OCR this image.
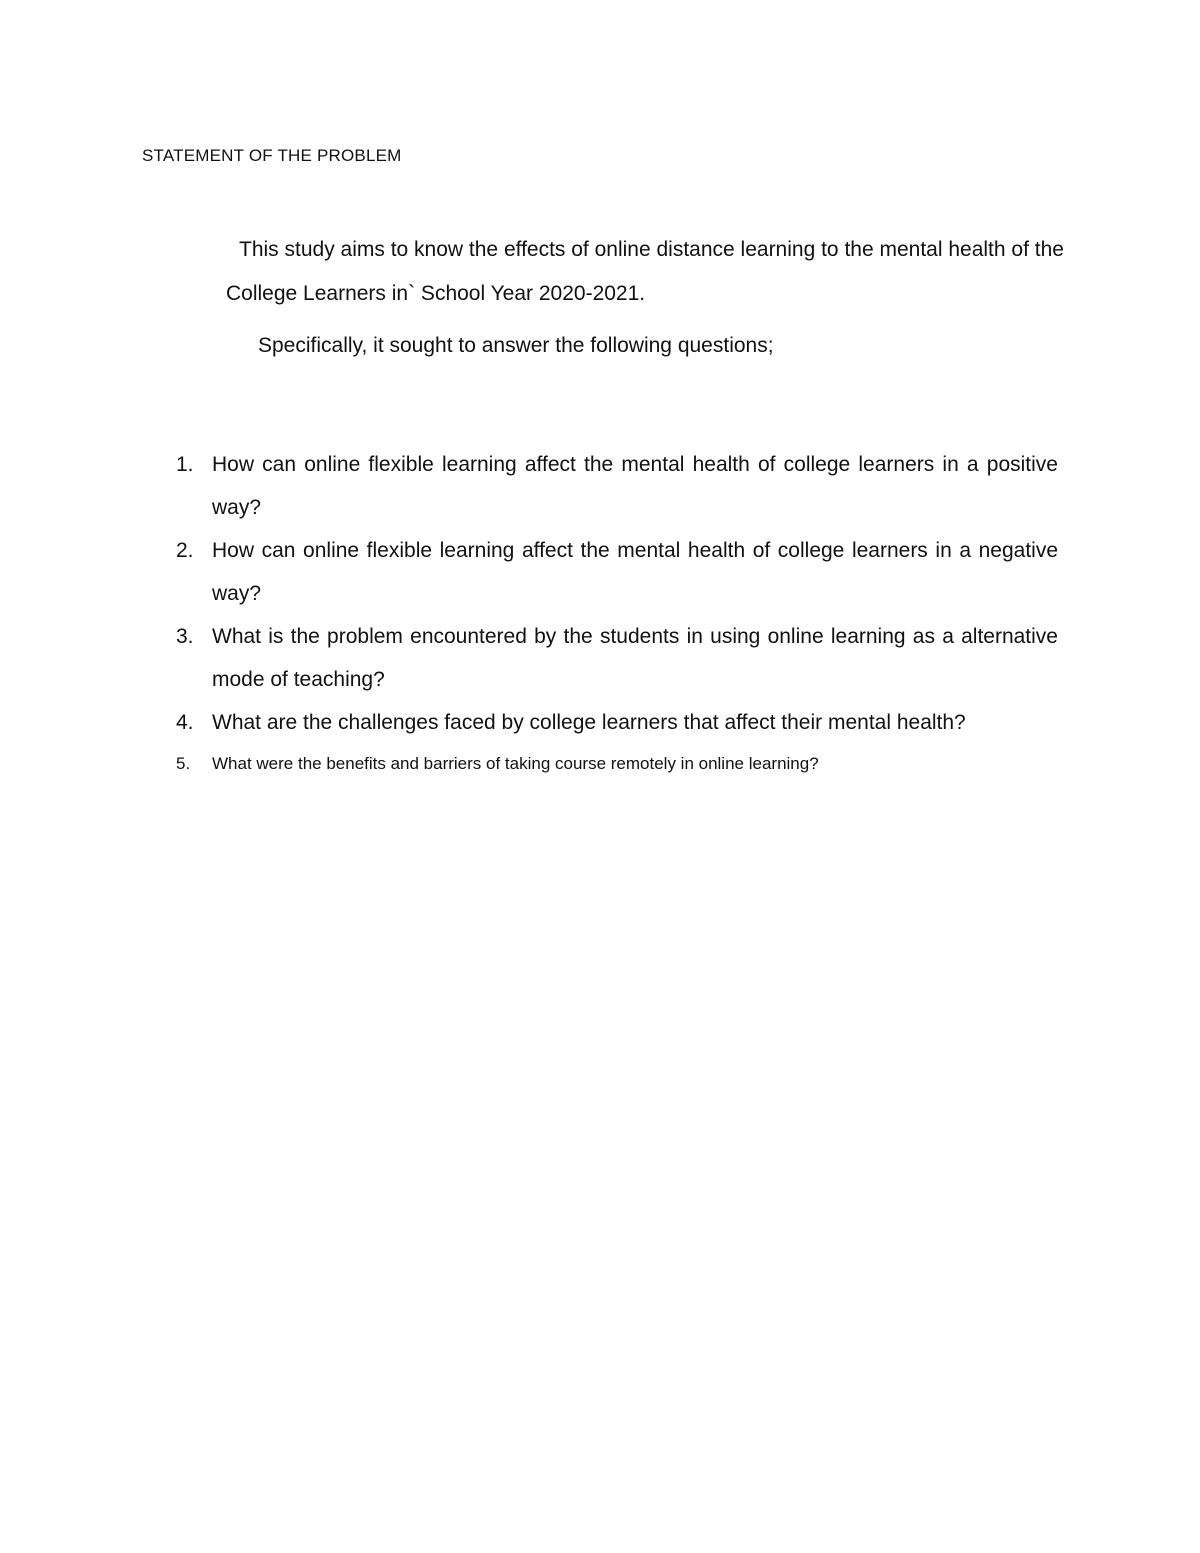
STATEMENT OF THE PROBLEM

This study aims to know the effects of online distance learning to the mental health of the College Learners in` School Year 2020-2021.

Specifically, it sought to answer the following questions;

1. How can online flexible learning affect the mental health of college learners in a positive way?
2. How can online flexible learning affect the mental health of college learners in a negative way?
3. What is the problem encountered by the students in using online learning as a alternative mode of teaching?
4. What are the challenges faced by college learners that affect their mental health?
5. What were the benefits and barriers of taking course remotely in online learning?
